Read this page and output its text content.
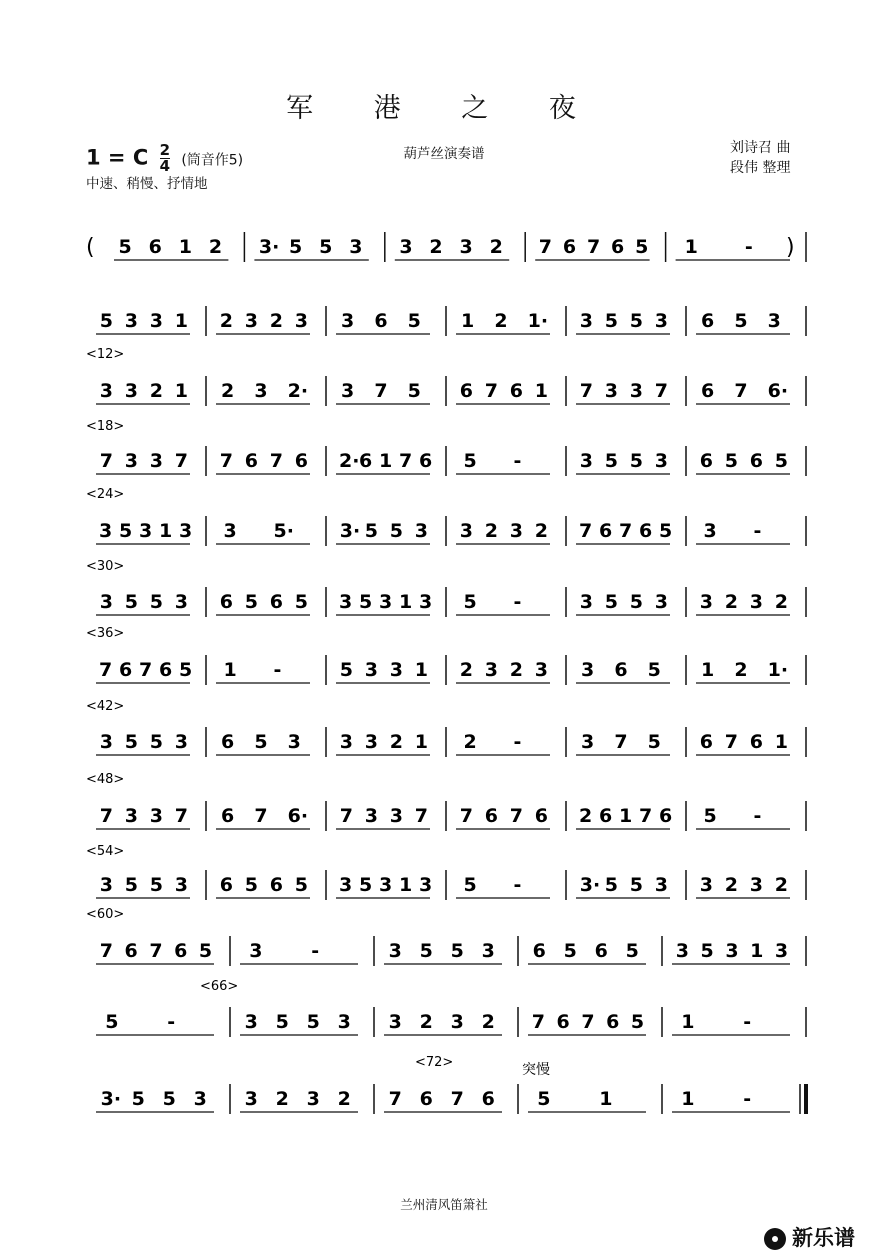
军 港 之 夜
1 = C $\frac{2}{4}$ (筒音作5)
中速、稍慢、抒情地
葫芦丝演奏谱	刘诗召 曲
段伟 整理
( 5 6 1 2 3· 5 5 3 3 2 3 2 7 6 7 6 5 1 - )
5 3 3 1 2 3 2 3 3 6 5 1 2 1· 3 5 5 3 6 5 3
<12>
3 3 2 1 2 3 2· 3 7 5 6 7 6 1 7 3 3 7 6 7 6·
<18>
7 3 3 7 7 6 7 6 2· 6 1 7 6 5 -	3 5 5 3 6 5 6 5
<24>
3 5 3 1 3 3 5· 3· 5 5 3 3 2 3 2 7 6 7 6 5 3 -
<30>
3 5 5 3 6 5 6 5 3 5 3 1 3 5 -	3 5 5 3 3 2 3 2
<36>
7 6 7 6 5 1 -	5 3 3 1 2 3 2 3 3 6 5 1 2 1·
<42>
3 5 5 3 6 5 3 3 3 2 1 2 -	3 7 5 6 7 6 1
<48>
7 3 3 7 6 7 6· 7 3 3 7 7 6 7 6 2 6 1 7 6 5 -
<54>
3 5 5 3 6 5 6 5 3 5 3 1 3 5 -	3· 5 5 3 3 2 3 2
<60>
7 6 7 6 5 3	-	3 5 5 3 6 5 6 5 3 5 3 1 3
<66>
5	-	3 5 5 3 3 2 3 2 7 6 7 6 5 1	-
<72>	突慢
3· 5 5 3 3 2 3 2 7 6 7 6 5	1	1	-
兰州清风笛箫社
新乐谱
